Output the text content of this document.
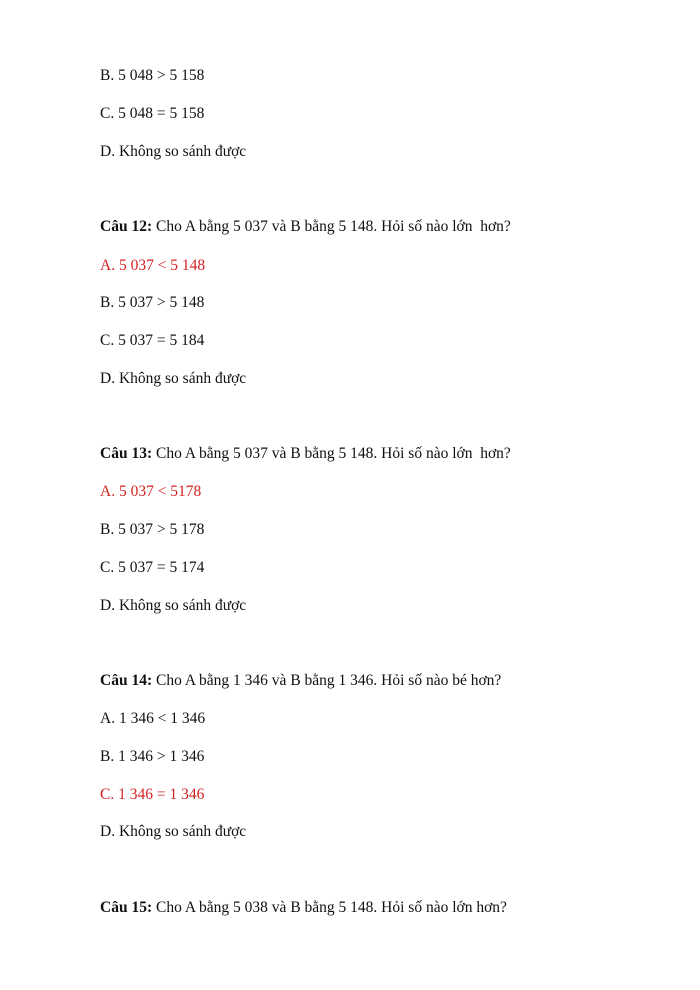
B. 5 048 > 5 158
C. 5 048 = 5 158
D. Không so sánh được
Câu 12: Cho A bằng 5 037 và B bằng 5 148. Hỏi số nào lớn  hơn?
A. 5 037 < 5 148
B. 5 037 > 5 148
C. 5 037 = 5 184
D. Không so sánh được
Câu 13: Cho A bằng 5 037 và B bằng 5 148. Hỏi số nào lớn  hơn?
A. 5 037 < 5178
B. 5 037 > 5 178
C. 5 037 = 5 174
D. Không so sánh được
Câu 14: Cho A bằng 1 346 và B bằng 1 346. Hỏi số nào bé hơn?
A. 1 346 < 1 346
B. 1 346 > 1 346
C. 1 346 = 1 346
D. Không so sánh được
Câu 15: Cho A bằng 5 038 và B bằng 5 148. Hỏi số nào lớn hơn?
